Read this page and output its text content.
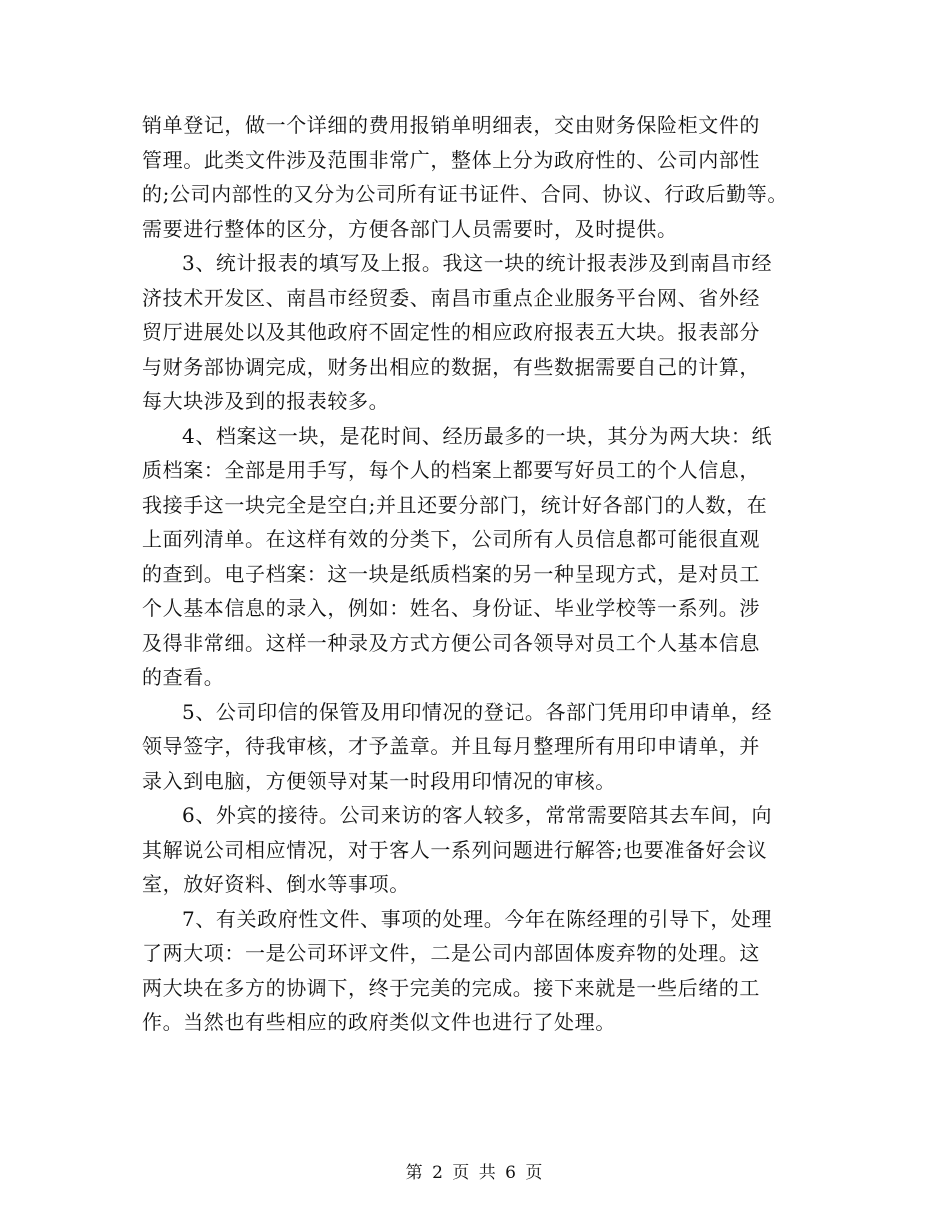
销单登记，做一个详细的费用报销单明细表，交由财务保险柜文件的
管理。此类文件涉及范围非常广，整体上分为政府性的、公司内部性
的;公司内部性的又分为公司所有证书证件、合同、协议、行政后勤等。
需要进行整体的区分，方便各部门人员需要时，及时提供。
3、统计报表的填写及上报。我这一块的统计报表涉及到南昌市经
济技术开发区、南昌市经贸委、南昌市重点企业服务平台网、省外经
贸厅进展处以及其他政府不固定性的相应政府报表五大块。报表部分
与财务部协调完成，财务出相应的数据，有些数据需要自己的计算，
每大块涉及到的报表较多。
4、档案这一块，是花时间、经历最多的一块，其分为两大块：纸
质档案：全部是用手写，每个人的档案上都要写好员工的个人信息，
我接手这一块完全是空白;并且还要分部门，统计好各部门的人数，在
上面列清单。在这样有效的分类下，公司所有人员信息都可能很直观
的查到。电子档案：这一块是纸质档案的另一种呈现方式，是对员工
个人基本信息的录入，例如：姓名、身份证、毕业学校等一系列。涉
及得非常细。这样一种录及方式方便公司各领导对员工个人基本信息
的查看。
5、公司印信的保管及用印情况的登记。各部门凭用印申请单，经
领导签字，待我审核，才予盖章。并且每月整理所有用印申请单，并
录入到电脑，方便领导对某一时段用印情况的审核。
6、外宾的接待。公司来访的客人较多，常常需要陪其去车间，向
其解说公司相应情况，对于客人一系列问题进行解答;也要准备好会议
室，放好资料、倒水等事项。
7、有关政府性文件、事项的处理。今年在陈经理的引导下，处理
了两大项：一是公司环评文件，二是公司内部固体废弃物的处理。这
两大块在多方的协调下，终于完美的完成。接下来就是一些后绪的工
作。当然也有些相应的政府类似文件也进行了处理。
第 2 页 共 6 页
